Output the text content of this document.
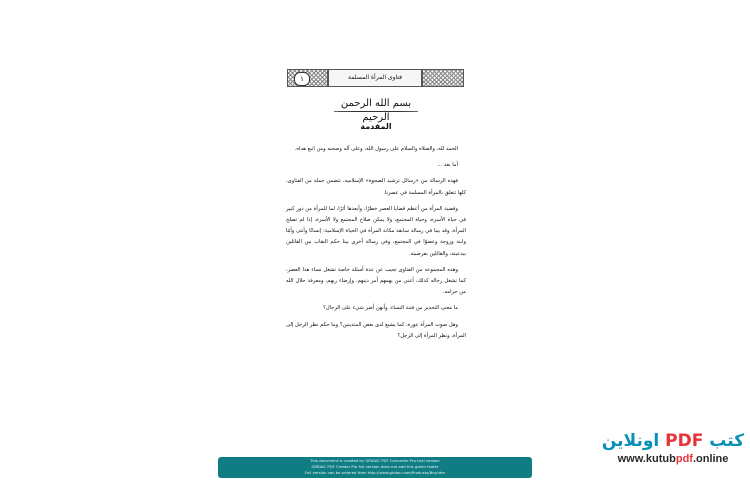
١	فتاوى المرأة المسلمة
بسم الله الرحمن الرحيم
المقدمة

الحمد لله، والصلاة والسلام على رسول الله، وعلى آله وصحبه ومن اتبع هداه.

أما بعد ...

فهذه الرسالة من «رسائل ترشيد الصحوة» الإسلامية، تتضمن جملة من الفتاوى، كلها تتعلق بالمرأة المسلمة في عصرنا.

وقضية المرأة من أعظم قضايا العصر خطرًا، وأبعدها أثرًا، لما للمرأة من دور كبير في حياة الأسرة، وحياة المجتمع، ولا يمكن صلاح المجتمع ولا الأسرة، إذا لم تصلح المرأة، وقد بينا في رسالة سابقة مكانة المرأة في الحياة الإسلامية: إنسانًا وأنثى وأمًا وابنة وزوجة وعضوًا في المجتمع، وفي رسالة أخرى بينا حكم النقاب بين القائلين ببدعيته، والقائلين بفرضيته.

وهذه المجموعة من الفتاوى تجيب عن عدة أسئلة خاصة تشغل نساء هذا العصر، كما تشغل رجاله كذلك، أعني من يهمهم أمر دينهم، وإرضاء ربهم، ومعرفة حلال الله من حرامه.

ما معنى التحذير من فتنة النساء، وأنهن أضر شيء على الرجال؟

وهل صوت المرأة عورة، كما يشيع لدى بعض المتدينين؟ وما حكم نظر الرجل إلى المرأة، ونظر المرأة إلى الرجل؟

This document is created by GIRDAC PDF Converter Pro trial version
GIRDAC PDF Creator Pro full version does not add this green footer
Full version can be ordered from http://www.girdac.com/Products/Buy.htm
كتب PDF اونلاين
www.kutubpdf.online
